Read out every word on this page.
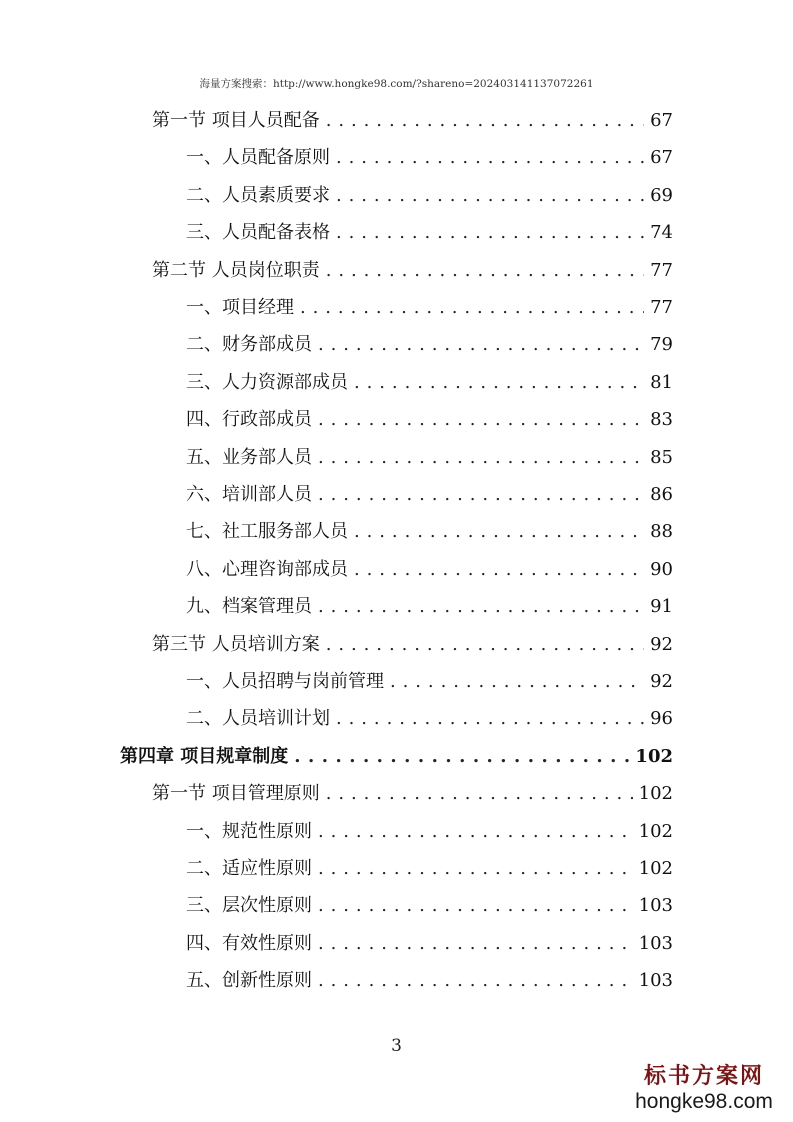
海量方案搜索：http://www.hongke98.com/?shareno=202403141137072261
第一节 项目人员配备 . . .	67
一、人员配备原则 . . .	67
二、人员素质要求 . . .	69
三、人员配备表格 . . .	74
第二节 人员岗位职责 . . .	77
一、项目经理 . . .	77
二、财务部成员 . . .	79
三、人力资源部成员 . . .	81
四、行政部成员 . . .	83
五、业务部人员 . . .	85
六、培训部人员 . . .	86
七、社工服务部人员 . . .	88
八、心理咨询部成员 . . .	90
九、档案管理员 . . .	91
第三节 人员培训方案 . . .	92
一、人员招聘与岗前管理 . . .	92
二、人员培训计划 . . .	96
第四章 项目规章制度 . . .	102
第一节 项目管理原则 . . .	102
一、规范性原则 . . .	102
二、适应性原则 . . .	102
三、层次性原则 . . .	103
四、有效性原则 . . .	103
五、创新性原则 . . .	103
3
标书方案网
hongke98.com
